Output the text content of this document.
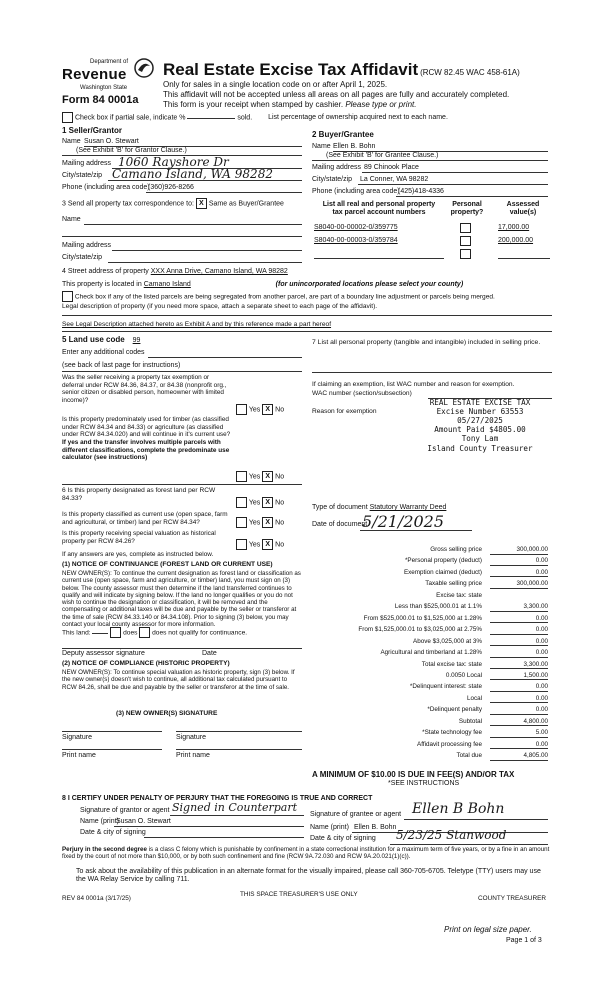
Department of
Revenue
Washington State
Form 84 0001a
Real Estate Excise Tax Affidavit (RCW 82.45 WAC 458-61A)
Only for sales in a single location code on or after April 1, 2025.
This affidavit will not be accepted unless all areas on all pages are fully and accurately completed.
This form is your receipt when stamped by cashier. Please type or print.
Check box if partial sale, indicate %	sold. List percentage of ownership acquired next to each name.
1 Seller/Grantor
Name Susan O. Stewart
(See Exhibit 'B' for Grantor Clause.)
Mailing address 1060 Rayshore Dr
City/state/zip Camano Island, WA 98282
Phone (including area code)
(360)926-8266
2 Buyer/Grantee
Name Ellen B. Bohn
(See Exhibit 'B' for Grantee Clause.)
Mailing address 89 Chinook Place
City/state/zip La Conner, WA 98282
Phone (including area code)
(425)418-4336
3 Send all property tax correspondence to: X Same as Buyer/Grantee
Name
Mailing address
City/state/zip
List all real and personal property
tax parcel account numbers
Personal
property?
Assessed
value(s)
S8040-00-00002-0/359775	17,000.00
S8040-00-00003-0/359784	200,000.00
4 Street address of property XXX Anna Drive, Camano Island, WA 98282
This property is located in Camano Island	(for unincorporated locations please select your county)
Check box if any of the listed parcels are being segregated from another parcel, are part of a boundary line adjustment or parcels being merged.
Legal description of property (if you need more space, attach a separate sheet to each page of the affidavit).
See Legal Description attached hereto as Exhibit A and by this reference made a part hereof
5 Land use code 99
Enter any additional codes
(see back of last page for instructions)
Was the seller receiving a property tax exemption or deferral under RCW 84.36, 84.37, or 84.38 (nonprofit org., senior citizen or disabled person, homeowner with limited income)?
Yes X No
Is this property predominately used for timber (as classified under RCW 84.34 and 84.33) or agriculture (as classified under RCW 84.34.020) and will continue in it's current use? If yes and the transfer involves multiple parcels with different classifications, complete the predominate use calculator (see instructions)
Yes X No
6 Is this property designated as forest land per RCW 84.33?
Yes X No
Is this property classified as current use (open space, farm and agricultural, or timber) land per RCW 84.34?	Yes X No
Is this property receiving special valuation as historical property per RCW 84.26?
Yes X No
If any answers are yes, complete as instructed below.
(1) NOTICE OF CONTINUANCE (FOREST LAND OR CURRENT USE)
NEW OWNER(S): To continue the current designation as forest land or classification as current use (open space, farm and agriculture, or timber) land, you must sign on (3) below. The county assessor must then determine if the land transferred continues to qualify and will indicate by signing below. If the land no longer qualifies or you do not wish to continue the designation or classification, it will be removed and the compensating or additional taxes will be due and payable by the seller or transferor at the time of sale (RCW 84.33.140 or 84.34.108). Prior to signing (3) below, you may contact your local county assessor for more information.
This land:	does does not qualify for continuance.
Deputy assessor signature	Date
(2) NOTICE OF COMPLIANCE (HISTORIC PROPERTY)
NEW OWNER(S): To continue special valuation as historic property, sign (3) below. If the new owner(s) doesn't wish to continue, all additional tax calculated pursuant to RCW 84.26, shall be due and payable by the seller or transferor at the time of sale.
(3) NEW OWNER(S) SIGNATURE
Signature	Signature
Print name	Print name
7 List all personal property (tangible and intangible) included in selling price.
If claiming an exemption, list WAC number and reason for exemption.
WAC number (section/subsection)
Reason for exemption
REAL ESTATE EXCISE TAX
Excise Number 63553
05/27/2025
Amount Paid $4805.00
Tony Lam
Island County Treasurer
Type of document Statutory Warranty Deed
Date of document
5/21/2025
Gross selling price	300,000.00
*Personal property (deduct)	0.00
Exemption claimed (deduct)	0.00
Taxable selling price	300,000.00
Excise tax: state
Less than $525,000.01 at 1.1%	3,300.00
From $525,000.01 to $1,525,000 at 1.28%	0.00
From $1,525,000.01 to $3,025,000 at 2.75%	0.00
Above $3,025,000 at 3%	0.00
Agricultural and timberland at 1.28%	0.00
Total excise tax: state	3,300.00
0.0050 Local	1,500.00
*Delinquent interest: state	0.00
Local	0.00
*Delinquent penalty	0.00
Subtotal	4,800.00
*State technology fee	5.00
Affidavit processing fee	0.00
Total due	4,805.00
A MINIMUM OF $10.00 IS DUE IN FEE(S) AND/OR TAX
*SEE INSTRUCTIONS
8 I CERTIFY UNDER PENALTY OF PERJURY THAT THE FOREGOING IS TRUE AND CORRECT
Signature of grantor or agent Signed in Counterpart
Name (print)
Susan O. Stewart
Date & city of signing
Signature of grantee or agent Ellen B Bohn
Name (print) Ellen B. Bohn
Date & city of signing 5/23/25 Stanwood
Perjury in the second degree is a class C felony which is punishable by confinement in a state correctional institution for a maximum term of five years, or by a fine in an amount fixed by the court of not more than $10,000, or by both such confinement and fine (RCW 9A.72.030 and RCW 9A.20.021(1)(c)).
To ask about the availability of this publication in an alternate format for the visually impaired, please call 360-705-6705. Teletype (TTY) users may use the WA Relay Service by calling 711.
REV 84 0001a (3/17/25)
THIS SPACE TREASURER'S USE ONLY
COUNTY TREASURER
Print on legal size paper.
Page 1 of 3
